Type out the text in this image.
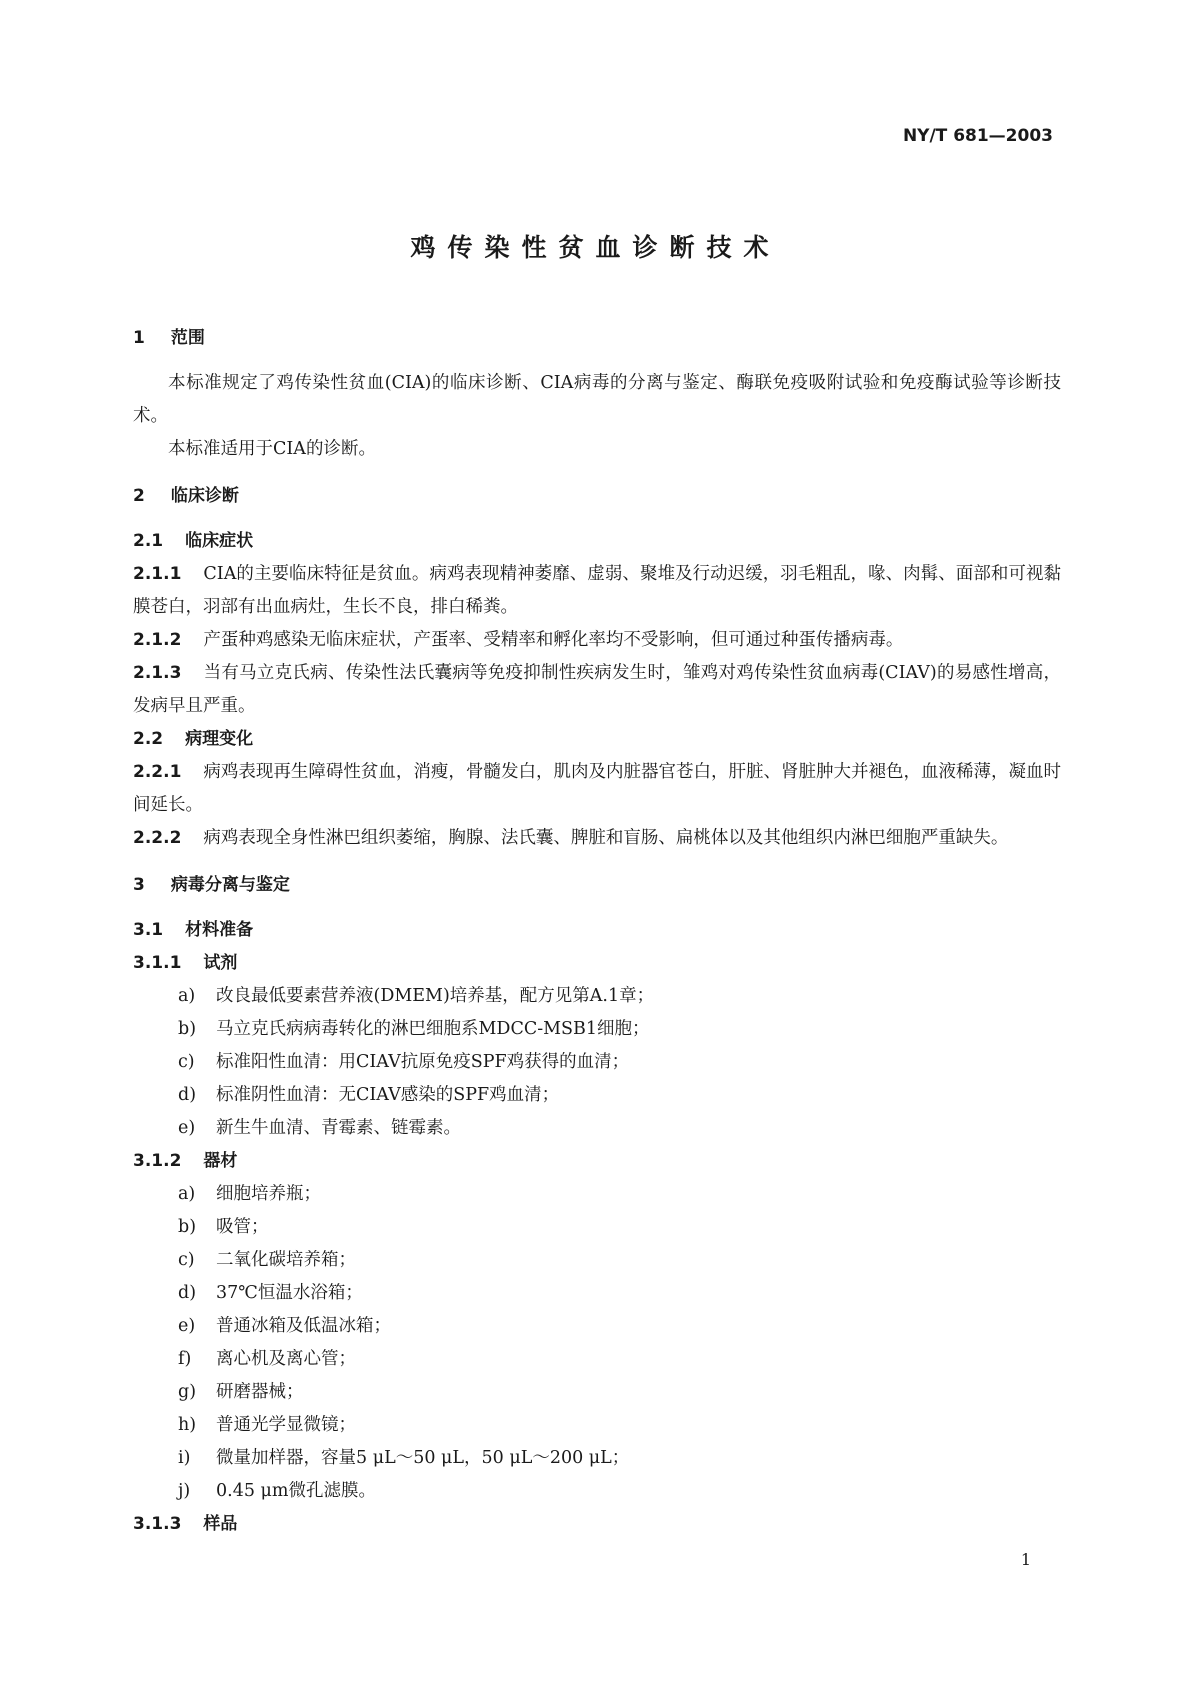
NY/T 681—2003
鸡传染性贫血诊断技术
1 范围
本标准规定了鸡传染性贫血(CIA)的临床诊断、CIA病毒的分离与鉴定、酶联免疫吸附试验和免疫酶试验等诊断技术。
本标准适用于CIA的诊断。
2 临床诊断
2.1 临床症状
2.1.1 CIA的主要临床特征是贫血。病鸡表现精神萎靡、虚弱、聚堆及行动迟缓，羽毛粗乱，喙、肉髯、面部和可视黏膜苍白，羽部有出血病灶，生长不良，排白稀粪。
2.1.2 产蛋种鸡感染无临床症状，产蛋率、受精率和孵化率均不受影响，但可通过种蛋传播病毒。
2.1.3 当有马立克氏病、传染性法氏囊病等免疫抑制性疾病发生时，雏鸡对鸡传染性贫血病毒(CIAV)的易感性增高，发病早且严重。
2.2 病理变化
2.2.1 病鸡表现再生障碍性贫血，消瘦，骨髓发白，肌肉及内脏器官苍白，肝脏、肾脏肿大并褪色，血液稀薄，凝血时间延长。
2.2.2 病鸡表现全身性淋巴组织萎缩，胸腺、法氏囊、脾脏和盲肠、扁桃体以及其他组织内淋巴细胞严重缺失。
3 病毒分离与鉴定
3.1 材料准备
3.1.1 试剂
a) 改良最低要素营养液(DMEM)培养基，配方见第A.1章；
b) 马立克氏病病毒转化的淋巴细胞系MDCC-MSB1细胞；
c) 标准阳性血清：用CIAV抗原免疫SPF鸡获得的血清；
d) 标准阴性血清：无CIAV感染的SPF鸡血清；
e) 新生牛血清、青霉素、链霉素。
3.1.2 器材
a) 细胞培养瓶；
b) 吸管；
c) 二氧化碳培养箱；
d) 37℃恒温水浴箱；
e) 普通冰箱及低温冰箱；
f) 离心机及离心管；
g) 研磨器械；
h) 普通光学显微镜；
i) 微量加样器，容量5 μL～50 μL，50 μL～200 μL；
j) 0.45 μm微孔滤膜。
3.1.3 样品
1
